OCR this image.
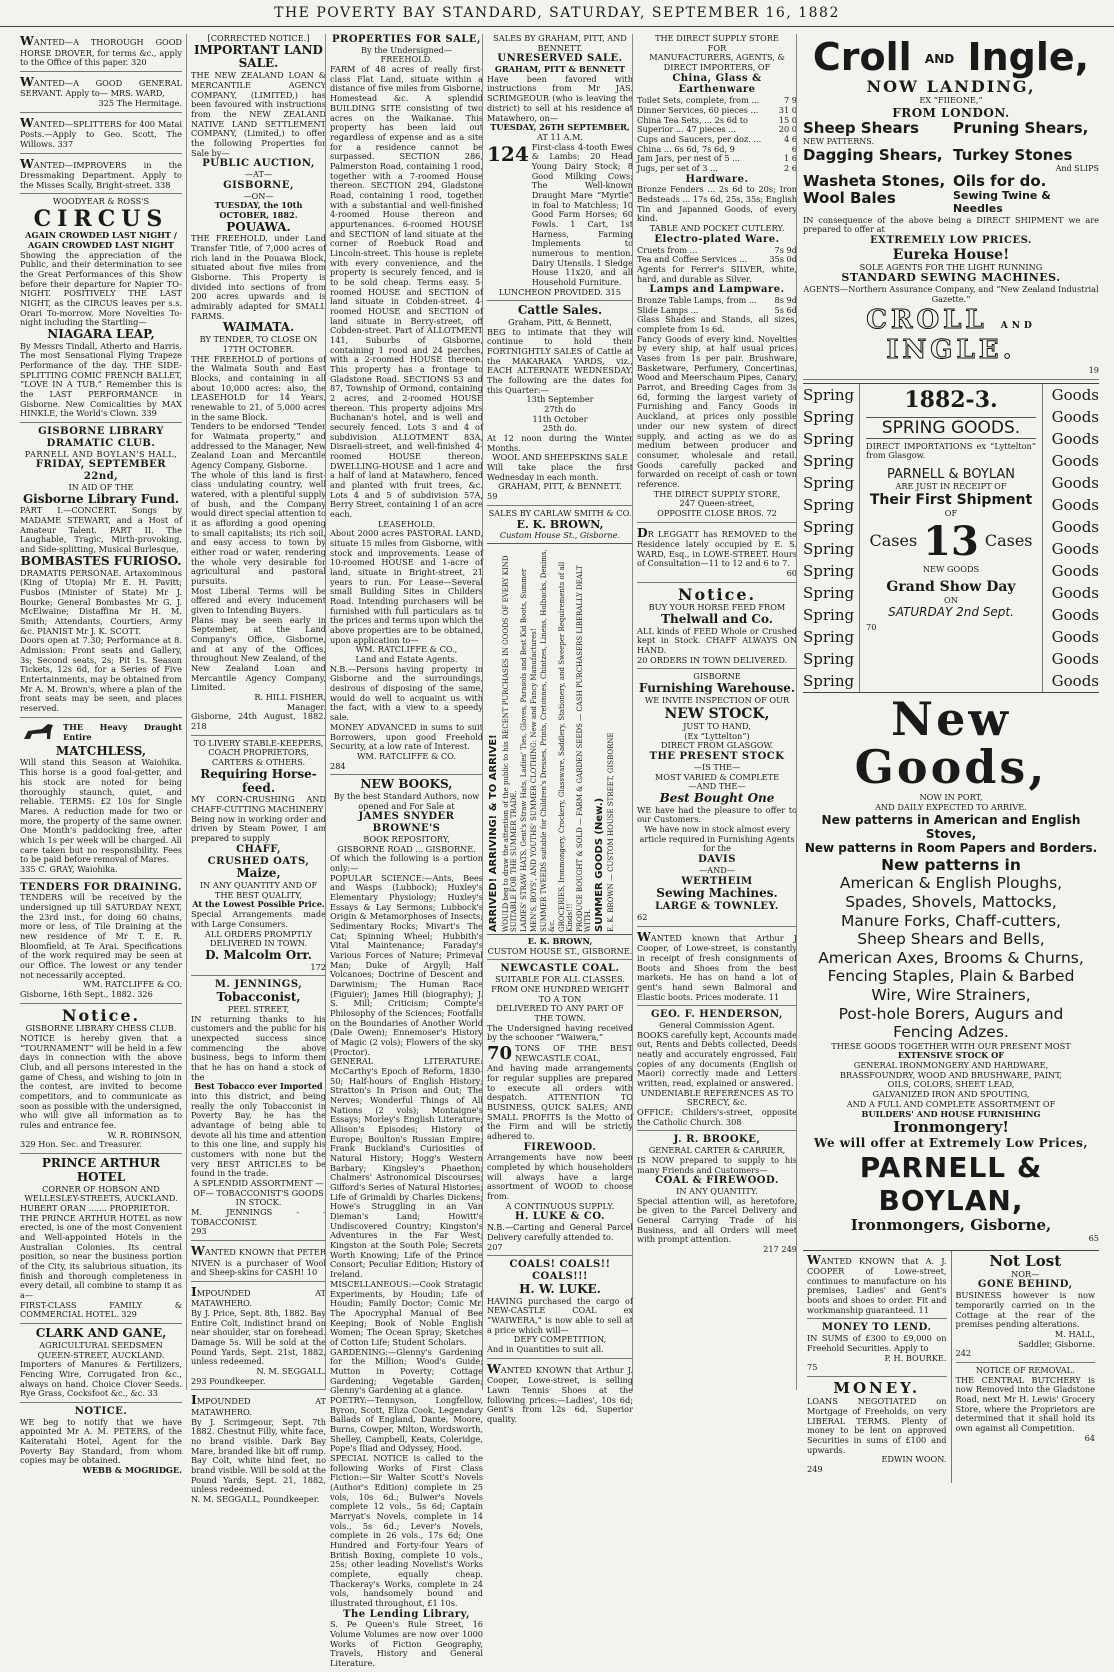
THE POVERTY BAY STANDARD, SATURDAY, SEPTEMBER 16, 1882

WANTED—A THOROUGH GOOD HORSE DROVER, for terms &c., apply to the Office of this paper. 320

WANTED—A GOOD GENERAL SERVANT. Apply to— MRS. WARD,

325 The Hermitage.

WANTED—SPLITTERS for 400 Matai Posts.—Apply to Geo. Scott, The Willows. 337

WANTED—IMPROVERS in the Dressmaking Department. Apply to the Misses Scally, Bright-street. 338

WOODYEAR & ROSS'S

CIRCUS

AGAIN CROWDED LAST NIGHT / AGAIN CROWDED LAST NIGHT

Showing the appreciation of the Public, and their determination to see the Great Performances of this Show before their departure for Napier TO-NIGHT. POSITIVELY THE LAST NIGHT, as the CIRCUS leaves per s.s. Orari To-morrow. More Novelties To-night including the Startling—

NIAGARA LEAP,

By Messrs Tindall, Atherto and Harris. The most Sensational Flying Trapeze Performance of the day. THE SIDE-SPLITTING COMIC FRENCH BALLET, “LOVE IN A TUB.” Remember this is the LAST PERFORMANCE in Gisborne. New Comicalities by MAX HINKLE, the World's Clown. 339

GISBORNE LIBRARY DRAMATIC CLUB.

PARNELL AND BOYLAN'S HALL,

FRIDAY, SEPTEMBER 22nd,

IN AID OF THE

Gisborne Library Fund.

PART I.—CONCERT. Songs by MADAME STEWART, and a Host of Amateur Talent. PART II. The Laughable, Tragic, Mirth-provoking, and Side-splitting, Musical Burlesque,

BOMBASTES FURIOSO.

DRAMATIS PERSONAE. Artaxominous (King of Utopia) Mr E. H. Pavitt; Fusbos (Minister of State) Mr J. Bourke; General Bombastes Mr G. J. McElwaine; Distaffina Mr H. M. Smith; Attendants, Courtiers, Army &c. PIANIST Mr J. K. SCOTT.

Doors open at 7.30; Performance at 8. Admission: Front seats and Gallery, 3s; Second seats, 2s; Pit 1s. Season Tickets, 12s 6d, for a Series of Five Entertainments, may be obtained from Mr A. M. Brown's, where a plan of the front seats may be seen, and places reserved.

THE Heavy Draught Entire

MATCHLESS,

Will stand this Season at Waiohika. This horse is a good foal-getter, and his stock are noted for being thoroughly staunch, quiet, and reliable. TERMS: £2 10s for Single Mares. A reduction made for two or more, the property of the same owner. One Month's paddocking free, after which 1s per week will be charged. All care taken but no responsibility. Fees to be paid before removal of Mares.

335 C. GRAY, Waiohika.

TENDERS FOR DRAINING.

TENDERS will be received by the undersigned up till SATURDAY NEXT, the 23rd inst., for doing 60 chains, more or less, of Tile Draining at the new residence of Mr T. E. R. Bloomfield, at Te Arai. Specifications of the work required may be seen at our Office. The lowest or any tender not necessarily accepted.

WM. RATCLIFFE & CO.

Gisborne, 16th Sept., 1882. 326

Notice.

GISBORNE LIBRARY CHESS CLUB.

NOTICE is hereby given that a “TOURNAMENT” will be held in a few days in connection with the above Club, and all persons interested in the game of Chess, and wishing to join in the contest, are invited to become competitors, and to communicate as soon as possible with the undersigned, who will give all information as to rules and entrance fee.

W. R. ROBINSON,

329 Hon. Sec. and Treasurer.

PRINCE ARTHUR HOTEL

CORNER OF HOBSON AND WELLESLEY-STREETS, AUCKLAND.

HUBERT ORAN ....... PROPRIETOR.

THE PRINCE ARTHUR HOTEL as now erected, is one of the most Convenient and Well-appointed Hotels in the Australian Colonies. Its central position, so near the business portion of the City, its salubrious situation, its finish and thorough completeness in every detail, all combine to stamp it as a—

FIRST-CLASS FAMILY & COMMERCIAL HOTEL. 329

CLARK AND GANE,

AGRICULTURAL SEEDSMEN

QUEEN-STREET, AUCKLAND.

Importers of Manures & Fertilizers, Fencing Wire, Corrugated Iron &c., always on hand. Choice Clover Seeds. Rye Grass, Cocksfoot &c., &c. 33

NOTICE.

WE beg to notify that we have appointed Mr A. M. PETERS, of the Kaiteratahi Hotel, Agent for the Poverty Bay Standard, from whom copies may be obtained.

WEBB & MOGRIDGE.

[CORRECTED NOTICE.]

IMPORTANT LAND SALE.

THE NEW ZEALAND LOAN & MERCANTILE AGENCY COMPANY, (LIMITED,) has been favoured with instructions from the NEW ZEALAND NATIVE LAND SETTLEMENT COMPANY, (Limited,) to offer the following Properties for Sale by—

PUBLIC AUCTION,

—AT—

GISBORNE,

—ON—

TUESDAY, the 10th OCTOBER, 1882.

POUAWA.

THE FREEHOLD, under Land Transfer Title, of 7,000 acres of rich land in the Pouawa Block, situated about five miles from Gisborne. This Property is divided into sections of from 200 acres upwards and is admirably adapted for SMALL FARMS.

WAIMATA.

BY TENDER, TO CLOSE ON 17TH OCTOBER.

THE FREEHOLD of portions of the Walmata South and East Blocks, and containing in all about 10,000 acres: also, the LEASEHOLD for 14 Years, renewable to 21, of 5,000 acres in the same Block.

Tenders to be endorsed “Tender for Waimata property,” and addressed to the Manager, New Zealand Loan and Mercantile Agency Company, Gisborne.

The whole of this land is first-class undulating country, well watered, with a plentiful supply of bush, and the Company would direct special attention to it as affording a good opening to small capitalists; its rich soil, and easy access to town by either road or water, rendering the whole very desirable for agricultural and pastoral pursuits.

Most Liberal Terms will be offered and every inducement given to Intending Buyers.

Plans may be seen early in September, at the Land Company's Office, Gisborne, and at any of the Offices, throughout New Zealand, of the New Zealand Loan and Mercantile Agency Company, Limited.

R. HILL FISHER,

Manager.

Gisborne, 24th August, 1882. 218

TO LIVERY STABLE-KEEPERS, COACH PROPRIETORS, CARTERS & OTHERS.

Requiring Horse-feed.

MY CORN-CRUSHING AND CHAFF-CUTTING MACHINERY

Being now in working order and driven by Steam Power, I am prepared to supply

CHAFF,
CRUSHED OATS,
Maize,

IN ANY QUANTITY AND OF THE BEST QUALITY,

At the Lowest Possible Price.

Special Arrangements made with Large Consumers.

ALL ORDERS PROMPTLY DELIVERED IN TOWN.

D. Malcolm Orr.

172

M. JENNINGS,
Tobacconist,

PEEL STREET,

IN returning thanks to his customers and the public for his unexpected success since commencing the above business, begs to inform them that he has on hand a stock of the

Best Tobacco ever Imported

into this district, and being really the only Tobacconist in Poverty Bay, he has the advantage of being able to devote all his time and attention to this one line, and supply his customers with none but the very BEST ARTICLES to be found in the trade.

A SPLENDID ASSORTMENT —OF— TOBACCONIST'S GOODS IN STOCK.

M. JENNINGS - - TOBACCONIST.

293

WANTED KNOWN that PETER NIVEN is a purchaser of Wool and Sheep-skins for CASH! 10

IMPOUNDED AT MATAWHERO.

By J. Price, Sept. 8th, 1882. Bay Entire Colt, indistinct brand on near shoulder, star on forehead. Damage 5s. Will be sold at the Pound Yards, Sept. 21st, 1882, unless redeemed.

N. M. SEGGALL.

293 Poundkeeper.

IMPOUNDED AT MATAWHERO.

By J. Scrimgeour, Sept. 7th 1882. Chestnut Filly, white face, no brand visible. Dark Bay Mare, branded like bit off rump. Bay Colt, white hind feet, no brand visible. Will be sold at the Pound Yards, Sept. 21, 1882, unless redeemed.

N. M. SEGGALL, Poundkeeper.

PROPERTIES FOR SALE,

By the Undersigned—

FREEHOLD.

FARM of 48 acres of really first-class Flat Land, situate within a distance of five miles from Gisborne. Homestead &c. A splendid BUILDING SITE consisting of two acres on the Waikanae. This property has been laid out regardless of expense and as a site for a residence cannot be surpassed. SECTION 286, Palmerston Road, containing 1 rood, together with a 7-roomed House thereon. SECTION 294, Gladstone Road, containing 1 rood, together with a substantial and well-finished 4-roomed House thereon and appurtenances. 6-roomed HOUSE and SECTION of land situate at the corner of Roebuck Road and Lincoln-street. This house is replete with every convenience, and the property is securely fenced, and is to be sold cheap. Terms easy. 5-roomed HOUSE and SECTION of land situate in Cobden-street. 4-roomed HOUSE and SECTION of land situate in Berry-street, off Cobden-street. Part of ALLOTMENT 141, Suburbs of Gisborne, containing 1 rood and 24 perches, with a 2-roomed HOUSE thereon. This property has a frontage to Gladstone Road. SECTIONS 53 and 87, Township of Ormond, containing 2 acres, and 2-roomed HOUSE thereon. This property adjoins Mrs Buchanan's hotel, and is well and securely fenced. Lots 3 and 4 of subdivision ALLOTMENT 83A, Disraeli-street, and well-finished 4-roomed HOUSE thereon. DWELLING-HOUSE and 1 acre and a half of land at Matawhero, fenced and planted with fruit trees, &c. Lots 4 and 5 of subdivision 57A, Berry Street, containing 1 of an acre each.

LEASEHOLD.

About 2000 acres PASTORAL LAND, situate 15 miles from Gisborne, with stock and improvements. Lease of 10-roomed HOUSE and 1-acre of land, situate in Bright-street, 21 years to run. For Lease—Several small Building Sites in Childers Road. Intending purchasers will be furnished with full particulars as to the prices and terms upon which the above properties are to be obtained, upon application to—

WM. RATCLIFFE & CO.,

Land and Estate Agents.

N.B.—Persons having property in Gisborne and the surroundings, desirous of disposing of the same, would do well to acquaint us with the fact, with a view to a speedy sale.

MONEY ADVANCED in sums to suit Borrowers, upon good Freehold Security, at a low rate of Interest.

WM. RATCLIFFE & CO.

284

NEW BOOKS,

By the best Standard Authors, now opened and For Sale at

JAMES SNYDER BROWNE'S

BOOK REPOSITORY,

GISBORNE ROAD ... GISBORNE.

Of which the following is a portion only:—

POPULAR SCIENCE:—Ants, Bees and Wasps (Lubbock); Huxley's Elementary Physiology; Huxley's Essays & Lay Sermons; Lubbock's Origin & Metamorphoses of Insects; Sedimentary Rocks; Mivart's The Cat; Spinning Wheel; Hubbith's Vital Maintenance; Faraday's Various Forces of Nature; Primeval Man; Duke of Argyll; Half Volcanoes; Doctrine of Descent and Darwinism; The Human Race (Figuier); James Hill (biography); J. S. Mill; Criticism; Compte's Philosophy of the Sciences; Footfalls on the Boundaries of Another World (Dale Owen); Ennemoser's History of Magic (2 vols); Flowers of the sky (Proctor).

GENERAL LITERATURE: McCarthy's Epoch of Reform, 1830-50; Half-hours of English History; Stratton's In Prison and Out; The Nerves; Wonderful Things of All Nations (2 vols); Montaigne's Essays; Morley's English Literature; Allison's Episodes; History of Europe; Boulton's Russian Empire; Frank Buckland's Curiosities of Natural History; Hogg's Western Barbary; Kingsley's Phaethon; Chalmers' Astronomical Discourses; Gifford's Series of Natural Histories; Life of Grimaldi by Charles Dickens; Howe's Struggling in an Van Dieman's Land; Howitt's Undiscovered Country; Kingston's Adventures in the Far West; Kingston at the South Pole; Secrets Worth Knowing; Life of the Prince Consort; Peculiar Edition; History of Ireland.

MISCELLANEOUS:—Cook Stratagic Experiments, by Houdin; Life of Houdin; Family Doctor; Comic Mr. The Apocryphal Manual of Bee Keeping; Book of Noble English Women; The Ocean Spray; Sketches of Cotton Life; Student Scholars.

GARDENING:—Glenny's Gardening for the Million; Wood's Guide; Mutton in Poverty; Cottage Gardening; Vegetable Garden; Glenny's Gardening at a glance.

POETRY:—Tennyson, Longfellow, Byron, Scott, Eliza Cook, Legendary Ballads of England, Dante, Moore, Burns, Cowper, Milton, Wordsworth, Shelley, Campbell, Keats, Coleridge, Pope's Iliad and Odyssey, Hood.

SPECIAL NOTICE is called to the following Works of First Class Fiction:—Sir Walter Scott's Novels (Author's Edition) complete in 25 vols, 10s 6d.; Bulwer's Novels complete 12 vols., 5s 6d; Captain Marryat's Novels, complete in 14 vols., 5s 6d.; Lever's Novels, complete in 26 vols., 17s 6d; One Hundred and Forty-four Years of British Boxing, complete 10 vols., 25s; other leading Novelist's Works complete, equally cheap. Thackeray's Works, complete in 24 vols, handsomely bound and illustrated throughout, £1 10s.

The Lending Library,

S. Pe Queen's Rule Street, 16 Volume Volumes are now over 1000 Works of Fiction Geography, Travels, History and General Literature.

SALES BY GRAHAM, PITT, AND BENNETT.

UNRESERVED SALE.

GRAHAM, PITT & BENNETT

Have been favored with instructions from Mr JAS. SCRIMGEOUR (who is leaving the district) to sell at his residence at Matawhero, on—

TUESDAY, 26TH SEPTEMBER,

AT 11 A.M.

124 First-class 4-tooth Ewes & Lambs; 20 Head Young Dairy Stock; 8 Good Milking Cows; The Well-known Draught Mare “Myrtle” in foal to Matchless; 10 Good Farm Horses; 60 Fowls. 1 Cart, 1st Harness, Farming Implements to numerous to mention. Dairy Utensils. 1 Sledge House 11x20, and all Household Furniture.

LUNCHEON PROVIDED. 315

Cattle Sales.

Graham, Pitt, & Bennett,

BEG to intimate that they will continue to hold their FORTNIGHTLY SALES of Cattle at the MAKARAKA YARDS, viz., EACH ALTERNATE WEDNESDAY. The following are the dates for this Quarter:—

13th September

27th do

11th October

25th do.

At 12 noon during the Winter Months.

WOOL AND SHEEPSKINS SALE

Will take place the first Wednesday in each month.

GRAHAM, PITT, & BENNETT.

59

SALES BY CARLAW SMITH & CO.

E. K. BROWN,

Custom House St., Gisborne.

ARRIVED! ARRIVING! & TO ARRIVE! WOULD beg to draw the attention of the public to his RECENT PURCHASES IN GOODS OF EVERY KIND SUITABLE FOR THE SUMMER TRADE. LADIES' STRAW HATS, Gent's Straw Hats, Ladies' Ties, Gloves, Parasols and Best Kid Boots, Summer MEN'S, BOYS', AND YOUTHS' SUMMER CLOTHING: New and Fancy Manufactures! SUMMER TWEEDS suitable for Children's Dresses, Prints, Cretonnes, Chintzes, Linens, Holbacks, Denims, &c. GROCERIES, Ironmongery, Crockery, Glassware, Saddlery, Stationery, and Sweeper Requirements of all Kinds!!! PRODUCE BOUGHT & SOLD — FARM & GARDEN SEEDS — CASH PURCHASERS LIBERALLY DEALT WITH. SUMMER GOODS (New.) E. K. BROWN — CUSTOM HOUSE STREET, GISBORNE

E. K. BROWN,

CUSTOM HOUSE ST., GISBORNE.

NEWCASTLE COAL.

SUITABLE FOR ALL CLASSES.

FROM ONE HUNDRED WEIGHT TO A TON

DELIVERED TO ANY PART OF THE TOWN.

The Undersigned having received by the schooner “Waiwera,”

70 TONS OF THE BEST NEWCASTLE COAL,

And having made arrangements for regular supplies are prepared to execute all orders with despatch. ATTENTION TO BUSINESS, QUICK SALES; AND SMALL PROFITS Is the Motto of the Firm and will be strictly adhered to.

FIREWOOD.

Arrangements have now been completed by which householders will always have a large assortment of WOOD to choose from.

A CONTINUOUS SUPPLY.

H. LUKE & CO.

N.B.—Carting and General Parcel Delivery carefully attended to.

207

COALS! COALS!! COALS!!!
H. W. LUKE.

HAVING purchased the cargo of NEW-CASTLE COAL ex “WAIWERA,” is now able to sell at a price which will—

DEFY COMPETITION,

And in Quantities to suit all.

WANTED KNOWN that Arthur J. Cooper, Lowe-street, is selling Lawn Tennis Shoes at the following prices:—Ladies', 10s 6d; Gent's from 12s 6d. Superior quality.

THE DIRECT SUPPLY STORE

FOR

MANUFACTURERS, AGENTS, & DIRECT IMPORTERS, OF

China, Glass & Earthenware
Toilet Sets, complete, from ...	7 9
Dinner Services, 60 pieces ... 31 0
China Tea Sets, ... 2s 6d to	15 0
Superior ... 47 pieces ...	20 0
Cups and Saucers, per doz. ...	4 6
China ... 6s 6d, 7s 6d, 9	6
Jam Jars, per nest of 5 ...	1 6
Jugs, per set of 3 ...	2 6
Hardware.

Bronze Fenders ... 2s 6d to 20s; Iron Bedsteads ... 17s 6d, 25s, 35s; English Tin and Japanned Goods, of every kind.

TABLE AND POCKET CUTLERY.

Electro-plated Ware.
Cruets from ...	7s 9d
Tea and Coffee Services ...	35s 0d

Agents for Ferrer's SILVER, white, hard, and durable as Silver.

Lamps and Lampware.
Bronze Table Lamps, from ... 8s 9d
Slide Lamps ...	5s 6d

Glass Shades and Stands, all sizes, complete from 1s 6d.

Fancy Goods of every kind. Novelties by every ship, at half usual prices. Vases from 1s per pair. Brushware, Basketware, Perfumery, Concertinas, Wood and Meerschaum Pipes, Canary, Parrot, and Breeding Cages from 3s 6d, forming the largest variety of Furnishing and Fancy Goods in Auckland, at prices only possible under our new system of direct supply, and acting as we do as medium between producer and consumer, wholesale and retail. Goods carefully packed and forwarded on receipt of cash or town reference.

THE DIRECT SUPPLY STORE,

247 Queen-street,

OPPOSITE CLOSE BROS. 72

DR LEGGATT has REMOVED to the Residence lately occupied by E. S. WARD, Esq., in LOWE-STREET. Hours of Consultation—11 to 12 and 6 to 7.

60

Notice.

BUY YOUR HORSE FEED FROM

Thelwall and Co.

ALL kinds of FEED Whole or Crushed kept in Stock. CHAFF ALWAYS ON HAND.

20 ORDERS IN TOWN DELIVERED.

GISBORNE

Furnishing Warehouse.

WE INVITE INSPECTION OF OUR

NEW STOCK,

JUST TO HAND,

(Ex “Lyttelton”)

DIRECT FROM GLASGOW.

THE PRESENT STOCK

—IS THE—

MOST VARIED & COMPLETE

—AND THE—

Best Bought One

WE have had the pleasure to offer to our Customers.

We have now in stock almost every article required in Furnishing Agents for the

DAVIS

—AND—

WERTHEIM
Sewing Machines.
LARGE & TOWNLEY.

62

WANTED known that Arthur J Cooper, of Lowe-street, is constantly in receipt of fresh consignments of Boots and Shoes from the best markets. He has on hand a lot of gent's hand sewn Balmoral and Elastic boots. Prices moderate. 11

GEO. F. HENDERSON,

General Commission Agent.

BOOKS carefully kept, Accounts made out, Rents and Debts collected, Deeds neatly and accurately engrossed, Fair copies of any documents (English or Maori) correctly made and Letters written, read, explained or answered.

UNDENIABLE REFERENCES AS TO SECRECY, &c.

OFFICE: Childers's-street, opposite the Catholic Church. 308

J. R. BROOKE,

GENERAL CARTER & CARRIER,

IS NOW prepared to supply to his many Friends and Customers—

COAL & FIREWOOD.

IN ANY QUANTITY.

Special attention will, as heretofore, be given to the Parcel Delivery and General Carrying Trade of his Business, and all Orders will meet with prompt attention.

217 249

Croll AND Ingle,
NOW LANDING,

EX “FIIEONE,”

FROM LONDON.
Sheep Shears	Pruning Shears,
NEW PATTERNS.
Dagging Shears, Turkey Stones
And SLIPS
Washeta Stones, Oils for do.
Wool Bales	Sewing Twine & Needles

IN consequence of the above being a DIRECT SHIPMENT we are prepared to offer at

EXTREMELY LOW PRICES.
Eureka House!

SOLE AGENTS FOR THE LIGHT RUNNING

STANDARD SEWING MACHINES.

AGENTS—Northern Assurance Company, and “New Zealand Industrial Gazette.”

CROLL AND INGLE.

19

Spring
Spring
Spring
Spring
Spring
Spring
Spring
Spring
Spring
Spring
Spring
Spring
Spring
Spring
1882-3.
SPRING GOODS.

DIRECT IMPORTATIONS ex “Lyttelton” from Glasgow.

PARNELL & BOYLAN

ARE JUST IN RECEIPT OF

Their First Shipment

OF

Cases 13 Cases

NEW GOODS

Grand Show Day

ON

SATURDAY 2nd Sept.

70

Goods
Goods
Goods
Goods
Goods
Goods
Goods
Goods
Goods
Goods
Goods
Goods
Goods
Goods
New Goods,

NOW IN PORT,

AND DAILY EXPECTED TO ARRIVE.

New patterns in American and English Stoves,
New patterns in Room Papers and Borders.
New patterns in
American & English Ploughs,
Spades, Shovels, Mattocks,
Manure Forks, Chaff-cutters,
Sheep Shears and Bells,
American Axes, Brooms & Churns,
Fencing Staples, Plain & Barbed
Wire, Wire Strainers,
Post-hole Borers, Augurs and
Fencing Adzes.

THESE GOODS TOGETHER WITH OUR PRESENT MOST

EXTENSIVE STOCK OF

GENERAL IRONMONGERY AND HARDWARE,

BRASSFOUNDRY, WOOD AND BRUSHWARE, PAINT,

OILS, COLORS, SHEET LEAD,

GALVANIZED IRON AND SPOUTING,

AND A FULL AND COMPLETE ASSORTMENT OF

BUILDERS' AND HOUSE FURNISHING

Ironmongery!
We will offer at Extremely Low Prices,
PARNELL & BOYLAN,
Ironmongers, Gisborne,

65

WANTED KNOWN that A. J. COOPER of Lowe-street, continues to manufacture on his premises, Ladies' and Gent's boots and shoes to order. Fit and workmanship guaranteed. 11

MONEY TO LEND.

IN SUMS of £300 to £9,000 on Freehold Securities. Apply to

P. H. BOURKE.

75

MONEY.

LOANS NEGOTIATED on Mortgage of Freeholds, on very LIBERAL TERMS. Plenty of money to be lent on approved Securities in sums of £100 and upwards.

EDWIN WOON.

249

Not Lost

NOR—

GONE BEHIND,

BUSINESS however is now temporarily carried on in the Cottage at the rear of the premises pending alterations.

M. HALL,

Saddler, Gisborne.

242

NOTICE OF REMOVAL.

THE CENTRAL BUTCHERY is now Removed into the Gladstone Road, next Mr H. Lewis' Grocery Store, where the Proprietors are determined that it shall hold its own against all Competition.

64
